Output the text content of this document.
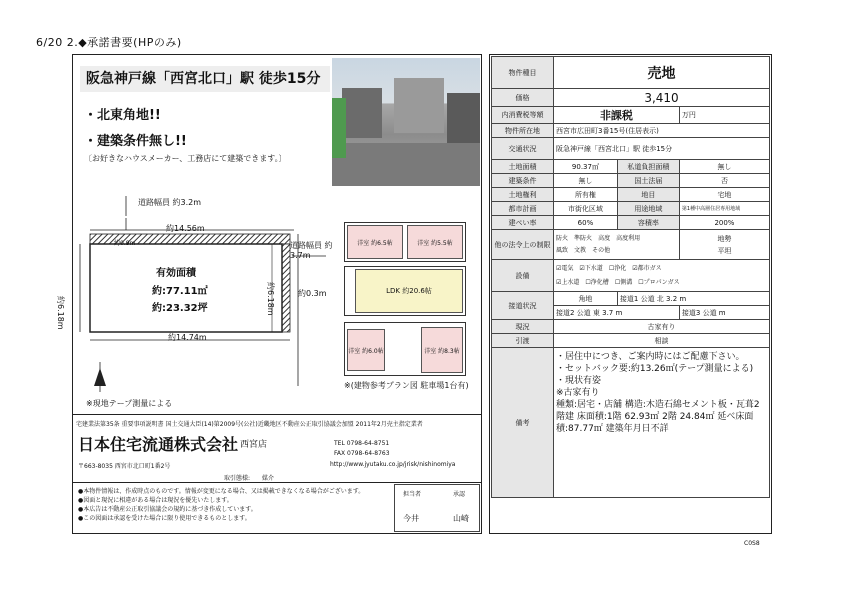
6/20 2.◆承諾書要(HPのみ)
阪急神戸線「西宮北口」駅 徒歩15分
・北東角地!!
・建築条件無し!!
〔お好きなハウスメーカー、工務店にて建築できます。〕
道路幅員 約3.2m
約14.56m
約0.9m	道路幅員 約3.7m
有効面積
約:77.11㎡
約:23.32坪
約6.18m	約6.18m	約0.3m
約14.74m
※現地テープ測量による
洋室 約6.5帖	洋室 約5.5帖
LDK 約20.6帖
洋室 約6.0帖	洋室 約8.3帖
※(建物参考プラン図 駐車場1台有)
宅建業法第35条 重要事項説明書 国土交通大臣(14)第2009号(公社)近畿地区不動産公正取引協議会加盟 2011年2月売主指定業者
日本住宅流通株式会社 西宮店	TEL 0798-64-8751
FAX 0798-64-8763
〒663-8035 西宮市北口町1番2号	http://www.jyutaku.co.jp/jrisk/nishinomiya
取引態様: 媒介
●本物件情報は、作成時点のものです。情報が変更になる場合、又は掲載できなくなる場合がございます。
●図面と現況に相違がある場合は現況を優先いたします。
●本広告は不動産公正取引協議会の規約に基づき作成しています。
●この図面は承認を受けた場合に限り使用できるものとします。
担当者	承認
今井	山崎
物件種目	売地		
価格	3,410		
内消費税等額	非課税		万円
物件所在地	西宮市広田町3番15号(住居表示)		
交通状況	阪急神戸線「西宮北口」駅 徒歩15分		
土地面積	90.37㎡	私道負担面積	無し
建築条件	無し	国土法届	否
土地権利	所有権	地目	宅地
都市計画	市街化区域	用途地域	第1種中高層住居専用地域
建ぺい率	60%	容積率	200%
他の法令上の制限	防火　 準防火　 高度　 高度利用
風致　 文教　 その他		地勢
平坦
設備	☑電気　☑下水道　☐浄化　☑都市ガス
☑上水道　☐浄化槽　☐側溝　☐プロパンガス		
接道状況	角地	接道1 公道 北 3.2 m	
	接道2 公道 東 3.7 m		接道3 公道 m
現況	古家有り		
引渡	相談		
備考	・居住中につき、ご案内時にはご配慮下さい。
・セットバック要:約13.26㎡(テープ測量による)
・現状有姿
※古家有り
種類:居宅・店舗 構造:木造石綿セメント板・瓦葺2階建 床面積:1階 62.93㎡ 2階 24.84㎡ 延べ床面積:87.77㎡ 建築年月日不詳		
C0S8
